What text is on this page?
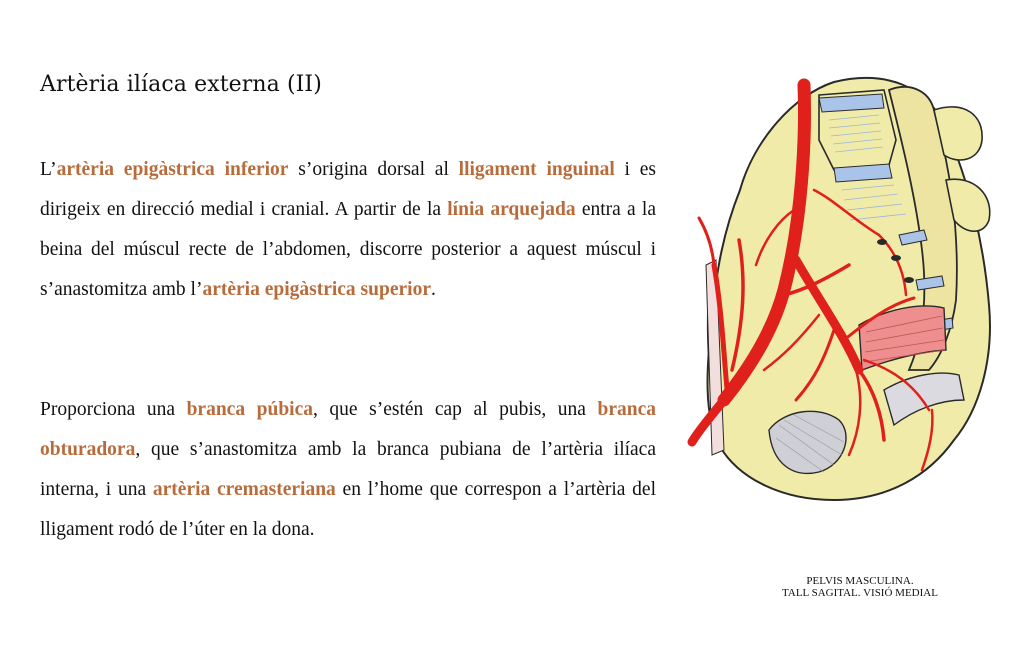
Artèria ilíaca externa (II)

L’artèria epigàstrica inferior s’origina dorsal al lligament inguinal i es dirigeix en direcció medial i cranial. A partir de la línia arquejada entra a la beina del múscul recte de l’abdomen, discorre posterior a aquest múscul i s’anastomitza amb l’artèria epigàstrica superior.

Proporciona una branca púbica, que s’estén cap al pubis, una branca obturadora, que s’anastomitza amb la branca pubiana de l’artèria ilíaca interna, i una artèria cremasteriana en l’home que correspon a l’artèria del lligament rodó de l’úter en la dona.

PELVIS MASCULINA.
TALL SAGITAL. VISIÓ MEDIAL
